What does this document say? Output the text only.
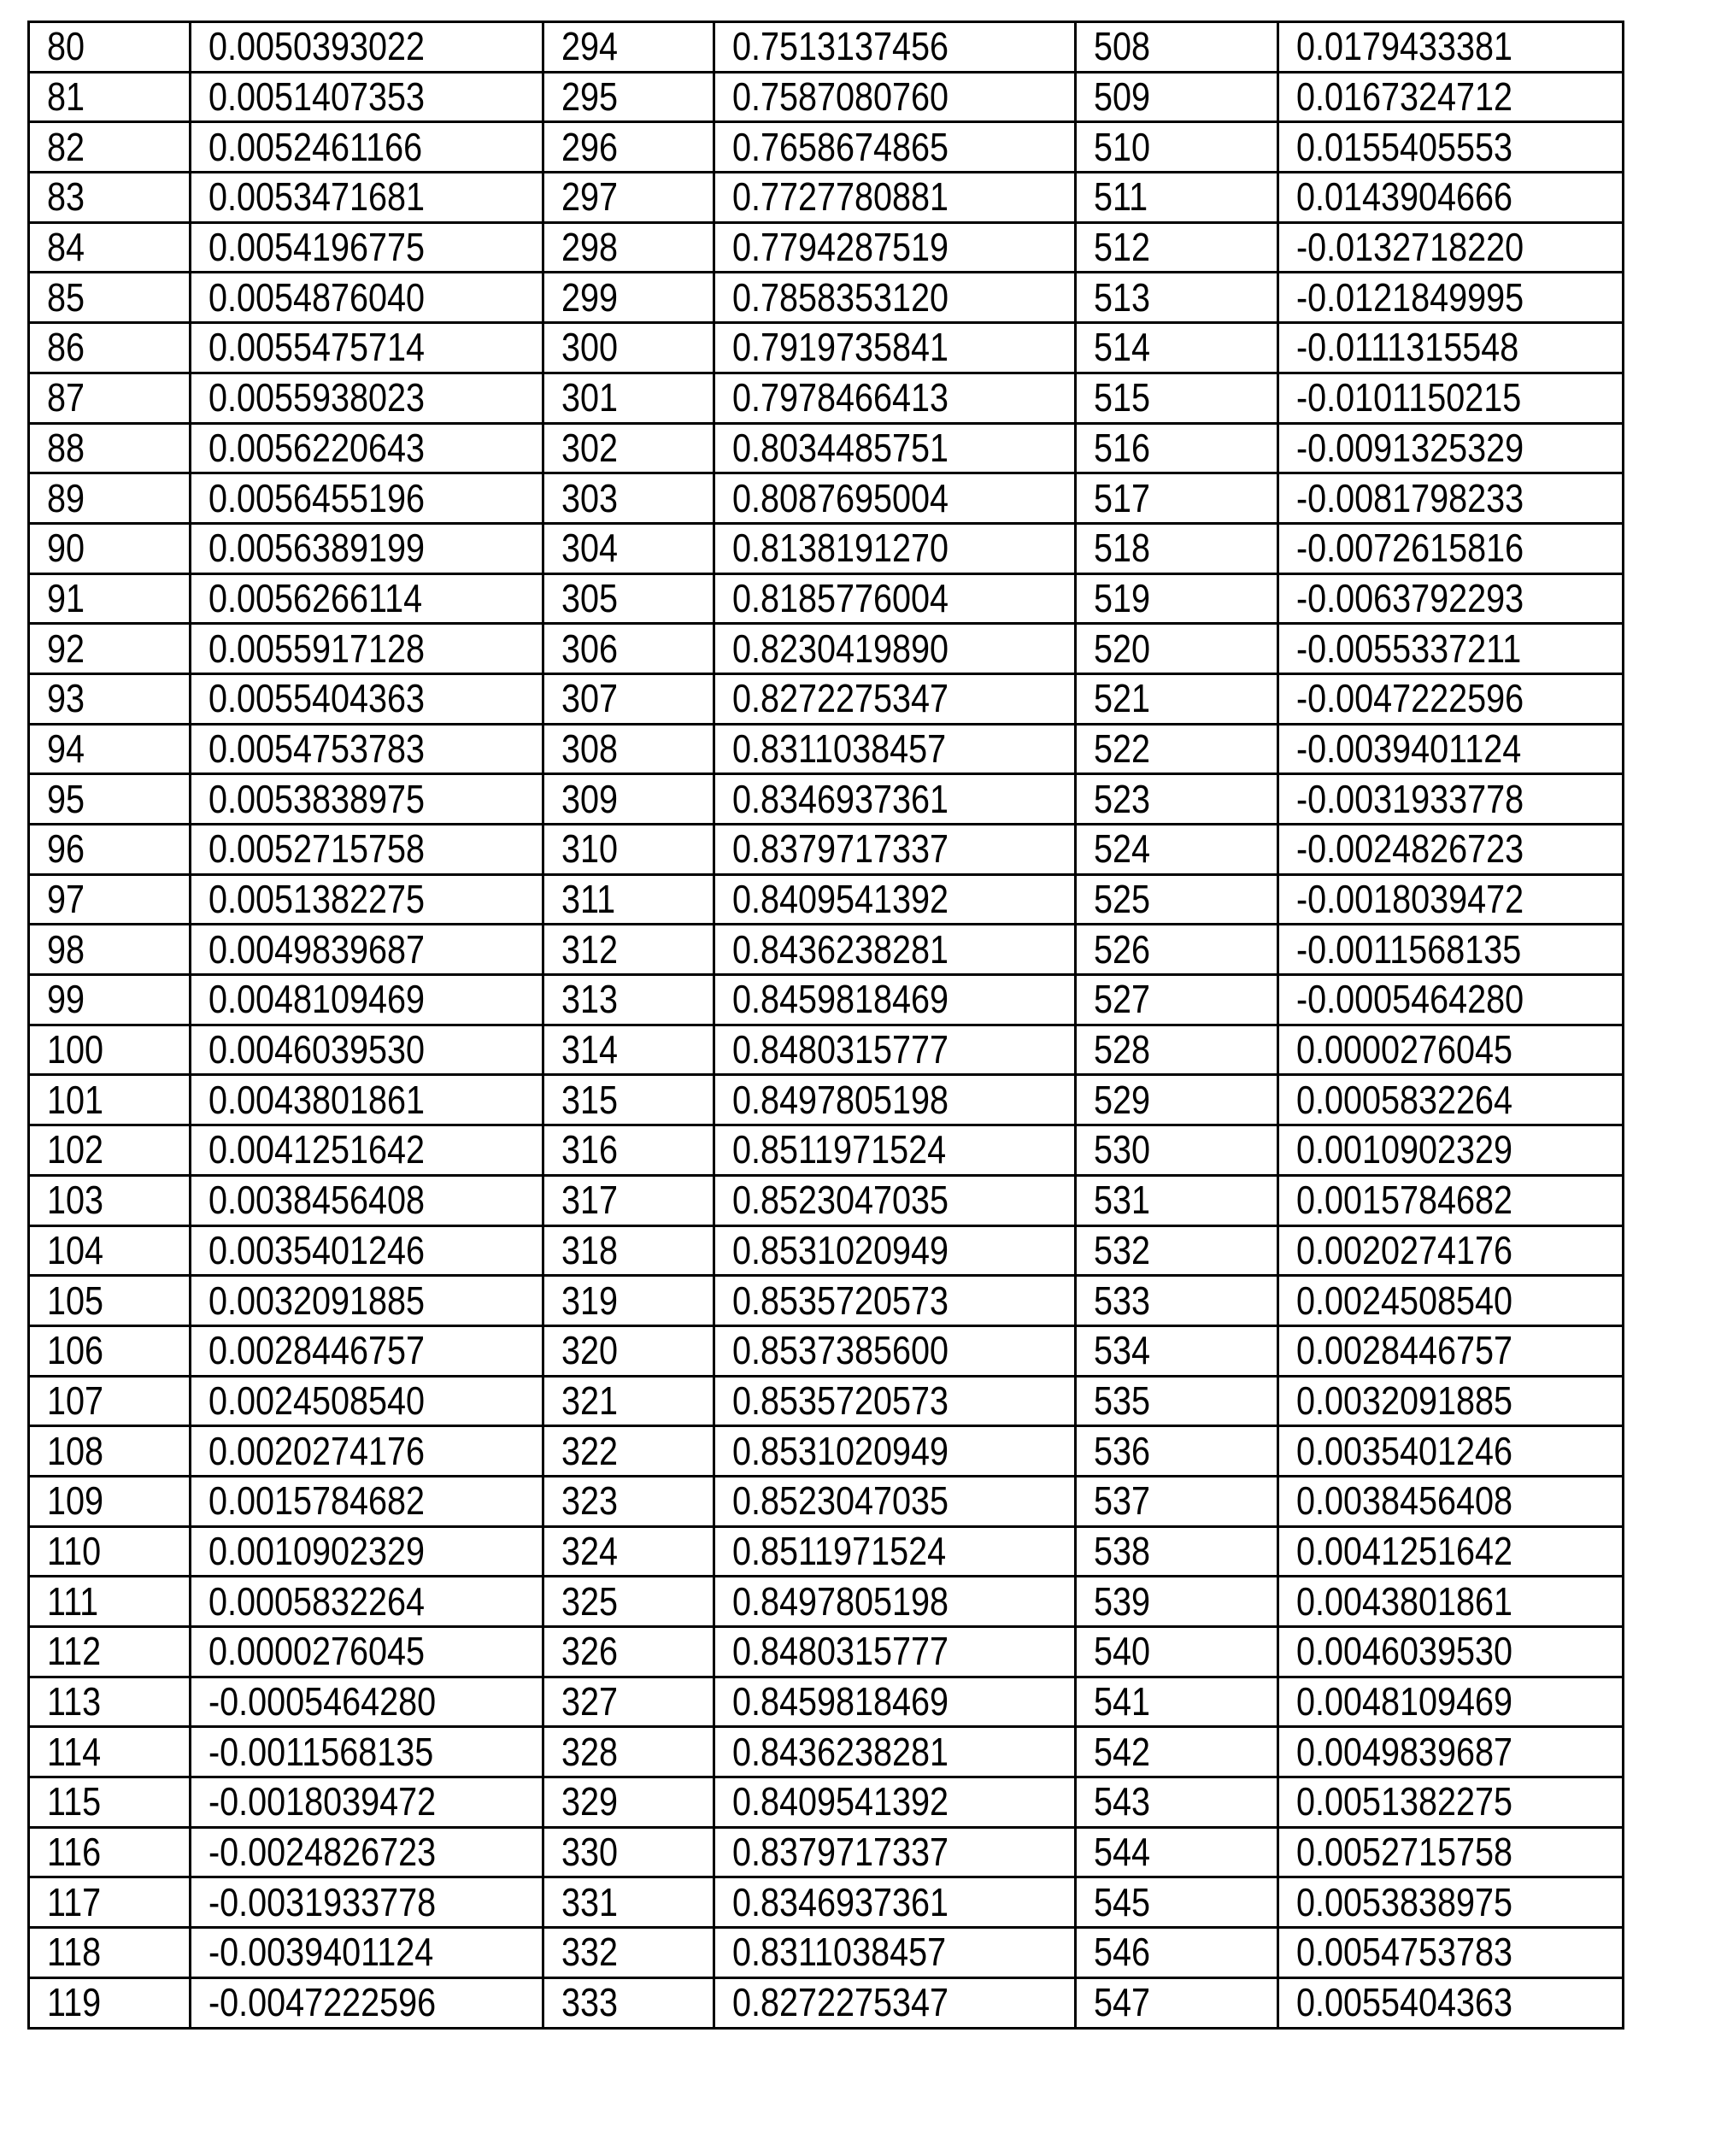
80	0.0050393022	294	0.7513137456	508	0.0179433381
81	0.0051407353	295	0.7587080760	509	0.0167324712
82	0.0052461166	296	0.7658674865	510	0.0155405553
83	0.0053471681	297	0.7727780881	511	0.0143904666
84	0.0054196775	298	0.7794287519	512	-0.0132718220
85	0.0054876040	299	0.7858353120	513	-0.0121849995
86	0.0055475714	300	0.7919735841	514	-0.0111315548
87	0.0055938023	301	0.7978466413	515	-0.0101150215
88	0.0056220643	302	0.8034485751	516	-0.0091325329
89	0.0056455196	303	0.8087695004	517	-0.0081798233
90	0.0056389199	304	0.8138191270	518	-0.0072615816
91	0.0056266114	305	0.8185776004	519	-0.0063792293
92	0.0055917128	306	0.8230419890	520	-0.0055337211
93	0.0055404363	307	0.8272275347	521	-0.0047222596
94	0.0054753783	308	0.8311038457	522	-0.0039401124
95	0.0053838975	309	0.8346937361	523	-0.0031933778
96	0.0052715758	310	0.8379717337	524	-0.0024826723
97	0.0051382275	311	0.8409541392	525	-0.0018039472
98	0.0049839687	312	0.8436238281	526	-0.0011568135
99	0.0048109469	313	0.8459818469	527	-0.0005464280
100	0.0046039530	314	0.8480315777	528	0.0000276045
101	0.0043801861	315	0.8497805198	529	0.0005832264
102	0.0041251642	316	0.8511971524	530	0.0010902329
103	0.0038456408	317	0.8523047035	531	0.0015784682
104	0.0035401246	318	0.8531020949	532	0.0020274176
105	0.0032091885	319	0.8535720573	533	0.0024508540
106	0.0028446757	320	0.8537385600	534	0.0028446757
107	0.0024508540	321	0.8535720573	535	0.0032091885
108	0.0020274176	322	0.8531020949	536	0.0035401246
109	0.0015784682	323	0.8523047035	537	0.0038456408
110	0.0010902329	324	0.8511971524	538	0.0041251642
111	0.0005832264	325	0.8497805198	539	0.0043801861
112	0.0000276045	326	0.8480315777	540	0.0046039530
113	-0.0005464280	327	0.8459818469	541	0.0048109469
114	-0.0011568135	328	0.8436238281	542	0.0049839687
115	-0.0018039472	329	0.8409541392	543	0.0051382275
116	-0.0024826723	330	0.8379717337	544	0.0052715758
117	-0.0031933778	331	0.8346937361	545	0.0053838975
118	-0.0039401124	332	0.8311038457	546	0.0054753783
119	-0.0047222596	333	0.8272275347	547	0.0055404363
